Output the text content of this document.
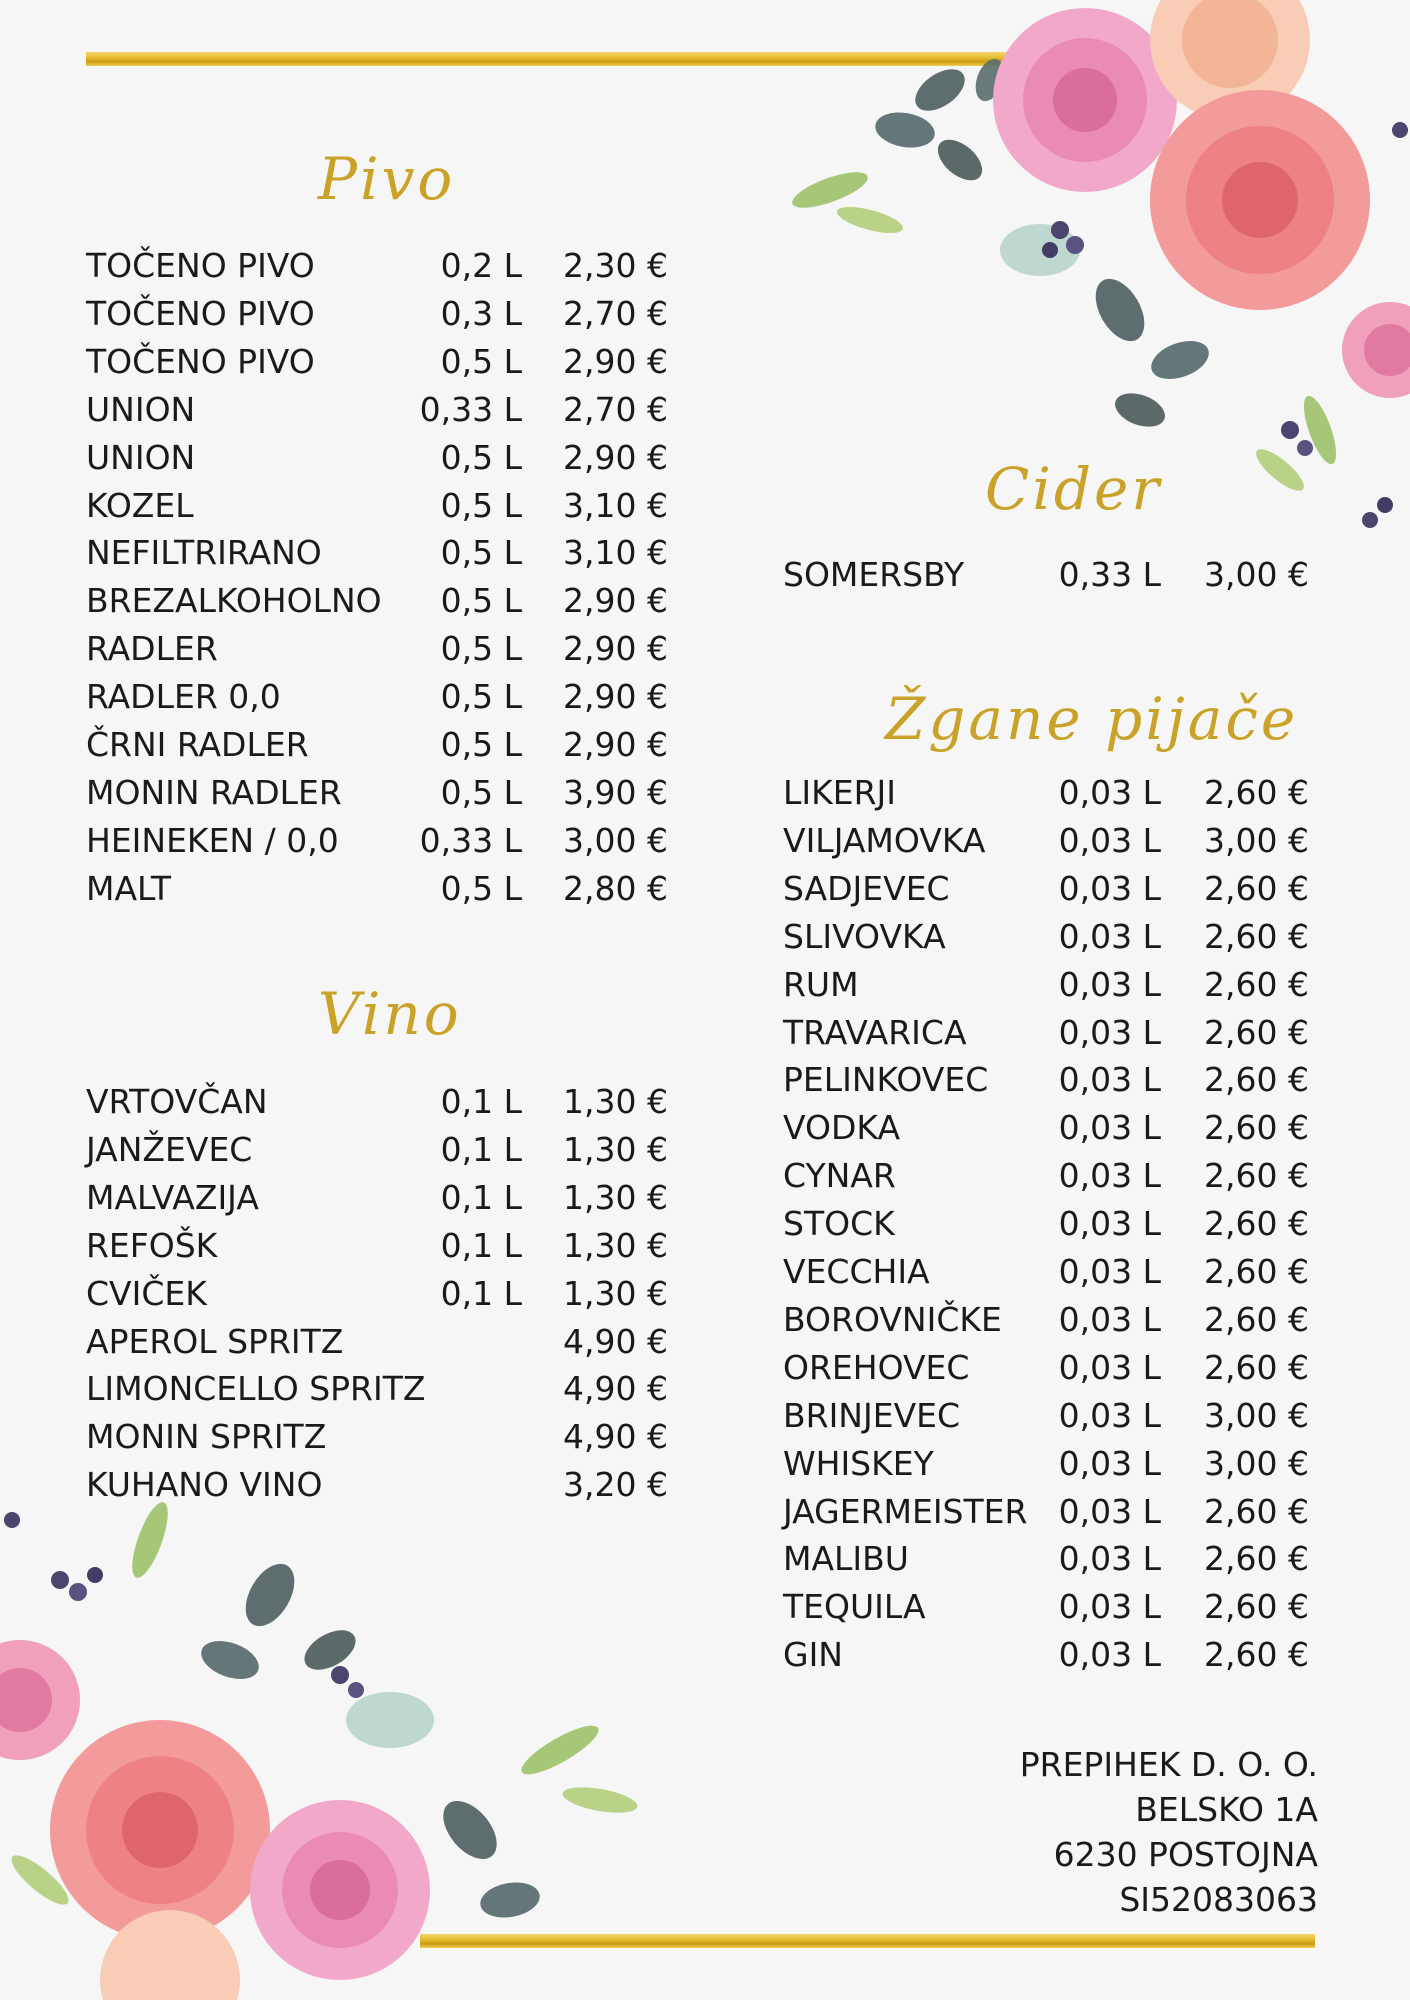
Pivo
TOČENO PIVO	0,2 L 2,30 €
TOČENO PIVO	0,3 L 2,70 €
TOČENO PIVO	0,5 L 2,90 €
UNION	0,33 L 2,70 €
UNION	0,5 L 2,90 €
KOZEL	0,5 L 3,10 €
NEFILTRIRANO	0,5 L 3,10 €
BREZALKOHOLNO 0,5 L 2,90 €
RADLER	0,5 L 2,90 €
RADLER 0,0	0,5 L 2,90 €
ČRNI RADLER	0,5 L 2,90 €
MONIN RADLER	0,5 L 3,90 €
HEINEKEN / 0,0 0,33 L 3,00 €
MALT	0,5 L 2,80 €
Vino
VRTOVČAN	0,1 L 1,30 €
JANŽEVEC	0,1 L 1,30 €
MALVAZIJA	0,1 L 1,30 €
REFOŠK	0,1 L 1,30 €
CVIČEK	0,1 L 1,30 €
APEROL SPRITZ	4,90 €
LIMONCELLO SPRITZ	4,90 €
MONIN SPRITZ	4,90 €
KUHANO VINO	3,20 €
Cider
SOMERSBY	0,33 L 3,00 €
Žgane pijače
LIKERJI	0,03 L 2,60 €
VILJAMOVKA 0,03 L 3,00 €
SADJEVEC	0,03 L 2,60 €
SLIVOVKA	0,03 L 2,60 €
RUM	0,03 L 2,60 €
TRAVARICA	0,03 L 2,60 €
PELINKOVEC 0,03 L 2,60 €
VODKA	0,03 L 2,60 €
CYNAR	0,03 L 2,60 €
STOCK	0,03 L 2,60 €
VECCHIA	0,03 L 2,60 €
BOROVNIČKE 0,03 L 2,60 €
OREHOVEC	0,03 L 2,60 €
BRINJEVEC	0,03 L 3,00 €
WHISKEY	0,03 L 3,00 €
JAGERMEISTER 0,03 L 2,60 €
MALIBU	0,03 L 2,60 €
TEQUILA	0,03 L 2,60 €
GIN	0,03 L 2,60 €
PREPIHEK D. O. O.
BELSKO 1A
6230 POSTOJNA
SI52083063
